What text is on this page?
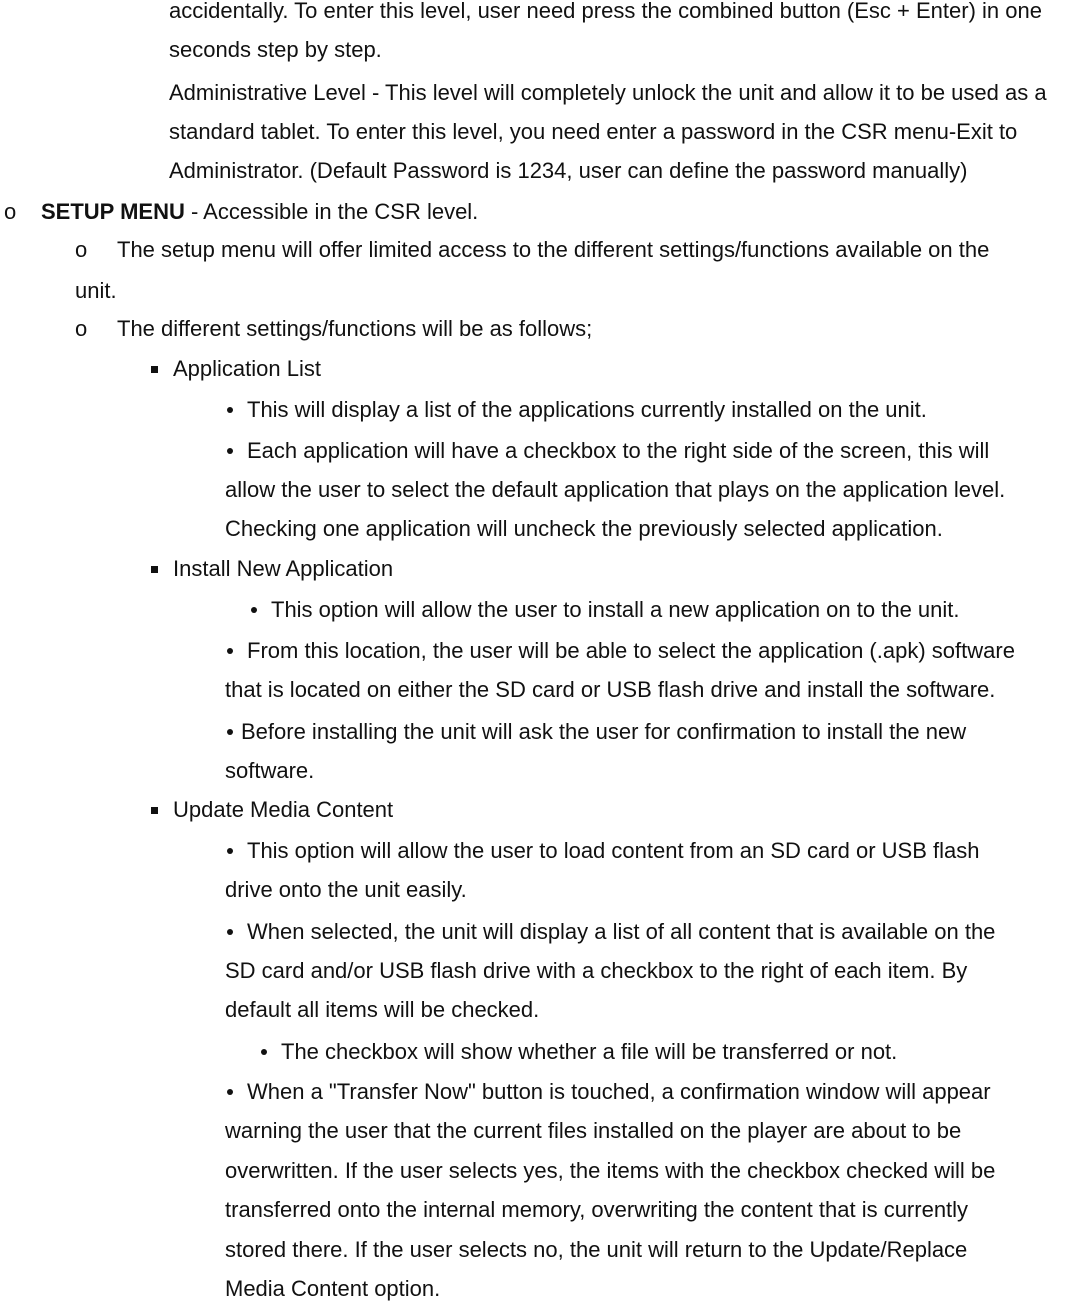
accidentally. To enter this level, user need press the combined button (Esc + Enter) in one
seconds step by step.
Administrative Level - This level will completely unlock the unit and allow it to be used as a
standard tablet. To enter this level, you need enter a password in the CSR menu-Exit to
Administrator. (Default Password is 1234, user can define the password manually)
o SETUP MENU - Accessible in the CSR level.
o The setup menu will offer limited access to the different settings/functions available on the
unit.
o The different settings/functions will be as follows;
Application List
This will display a list of the applications currently installed on the unit.
Each application will have a checkbox to the right side of the screen, this will
allow the user to select the default application that plays on the application level.
Checking one application will uncheck the previously selected application.
Install New Application
This option will allow the user to install a new application on to the unit.
From this location, the user will be able to select the application (.apk) software
that is located on either the SD card or USB flash drive and install the software.
Before installing the unit will ask the user for confirmation to install the new
software.
Update Media Content
This option will allow the user to load content from an SD card or USB flash
drive onto the unit easily.
When selected, the unit will display a list of all content that is available on the
SD card and/or USB flash drive with a checkbox to the right of each item. By
default all items will be checked.
The checkbox will show whether a file will be transferred or not.
When a "Transfer Now" button is touched, a confirmation window will appear
warning the user that the current files installed on the player are about to be
overwritten. If the user selects yes, the items with the checkbox checked will be
transferred onto the internal memory, overwriting the content that is currently
stored there. If the user selects no, the unit will return to the Update/Replace
Media Content option.
